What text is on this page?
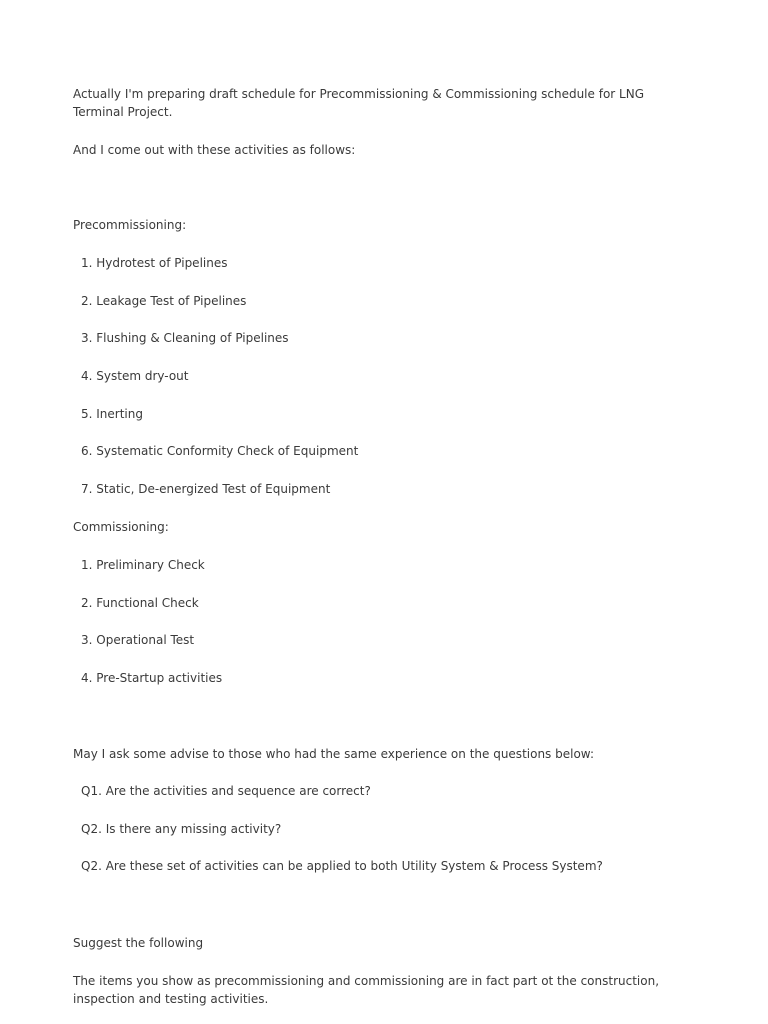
Actually I'm preparing draft schedule for Precommissioning & Commissioning schedule for LNG Terminal Project.
And I come out with these activities as follows:
Precommissioning:
1. Hydrotest of Pipelines
2. Leakage Test of Pipelines
3. Flushing & Cleaning of Pipelines
4. System dry-out
5. Inerting
6. Systematic Conformity Check of Equipment
7. Static, De-energized Test of Equipment
Commissioning:
1. Preliminary Check
2. Functional Check
3. Operational Test
4. Pre-Startup activities
May I ask some advise to those who had the same experience on the questions below:
Q1. Are the activities and sequence are correct?
Q2. Is there any missing activity?
Q2. Are these set of activities can be applied to both Utility System & Process System?
Suggest the following
The items you show as precommissioning and commissioning are in fact part ot the construction, inspection and testing activities.
